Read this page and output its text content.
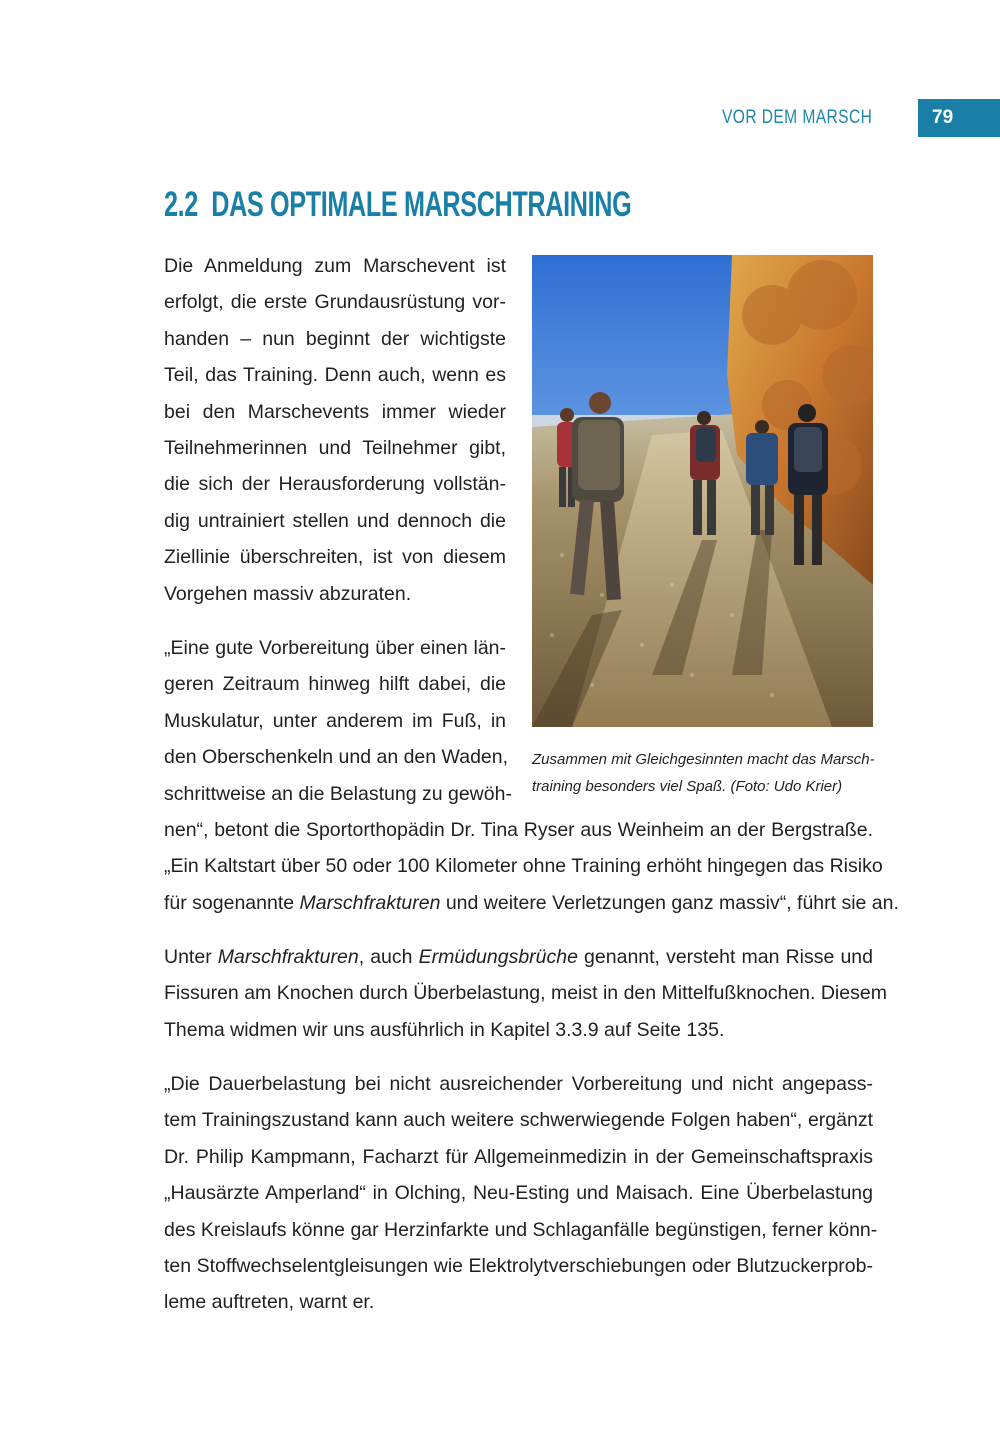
VOR DEM MARSCH	79
2.2 DAS OPTIMALE MARSCHTRAINING
Die Anmeldung zum Marschevent ist
erfolgt, die erste Grundausrüstung vor-
handen – nun beginnt der wichtigste
Teil, das Training. Denn auch, wenn es
bei den Marschevents immer wieder
Teilnehmerinnen und Teilnehmer gibt,
die sich der Herausforderung vollstän-
dig untrainiert stellen und dennoch die
Ziellinie überschreiten, ist von diesem
Vorgehen massiv abzuraten.
„Eine gute Vorbereitung über einen län-
geren Zeitraum hinweg hilft dabei, die
Muskulatur, unter anderem im Fuß, in
den Oberschenkeln und an den Waden,
schrittweise an die Belastung zu gewöh-
nen“, betont die Sportorthopädin Dr. Tina Ryser aus Weinheim an der Bergstraße.
„Ein Kaltstart über 50 oder 100 Kilometer ohne Training erhöht hingegen das Risiko
für sogenannte Marschfrakturen und weitere Verletzungen ganz massiv“, führt sie an.
Unter Marschfrakturen, auch Ermüdungsbrüche genannt, versteht man Risse und
Fissuren am Knochen durch Überbelastung, meist in den Mittelfußknochen. Diesem
Thema widmen wir uns ausführlich in Kapitel 3.3.9 auf Seite 135.
„Die Dauerbelastung bei nicht ausreichender Vorbereitung und nicht angepass-
tem Trainingszustand kann auch weitere schwerwiegende Folgen haben“, ergänzt
Dr. Philip Kampmann, Facharzt für Allgemeinmedizin in der Gemeinschaftspraxis
„Hausärzte Amperland“ in Olching, Neu-Esting und Maisach. Eine Überbelastung
des Kreislaufs könne gar Herzinfarkte und Schlaganfälle begünstigen, ferner könn-
ten Stoffwechselentgleisungen wie Elektrolytverschiebungen oder Blutzuckerprob-
leme auftreten, warnt er.
Zusammen mit Gleichgesinnten macht das Marsch-
training besonders viel Spaß. (Foto: Udo Krier)
